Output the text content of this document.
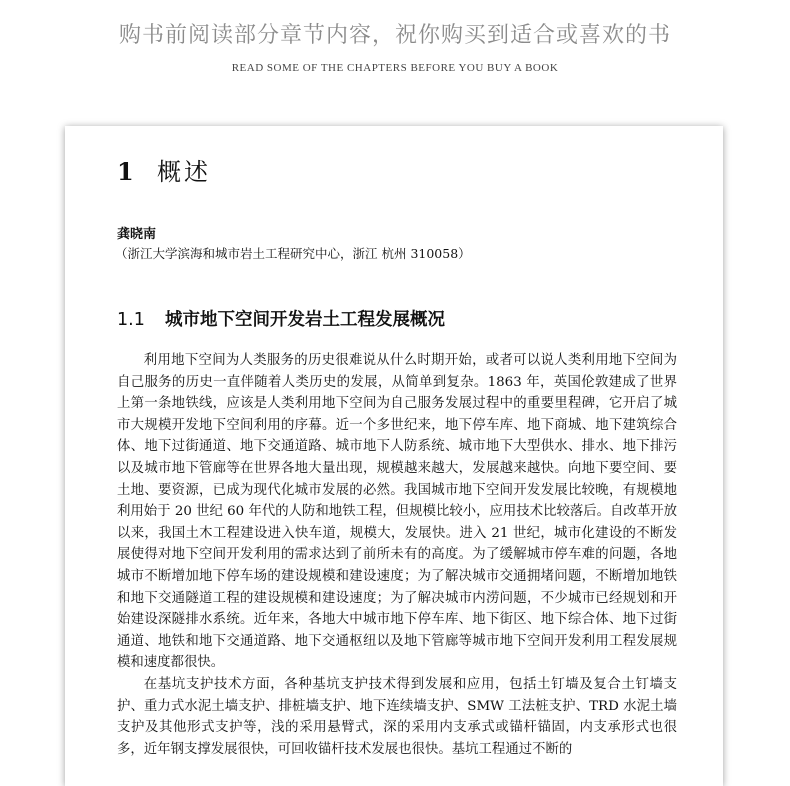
购书前阅读部分章节内容，祝你购买到适合或喜欢的书
READ SOME OF THE CHAPTERS BEFORE YOU BUY A BOOK
1 概述
龚晓南
（浙江大学滨海和城市岩土工程研究中心，浙江 杭州 310058）
1.1 城市地下空间开发岩土工程发展概况

利用地下空间为人类服务的历史很难说从什么时期开始，或者可以说人类利用地下空间为自己服务的历史一直伴随着人类历史的发展，从简单到复杂。1863 年，英国伦敦建成了世界上第一条地铁线，应该是人类利用地下空间为自己服务发展过程中的重要里程碑，它开启了城市大规模开发地下空间利用的序幕。近一个多世纪来，地下停车库、地下商城、地下建筑综合体、地下过街通道、地下交通道路、城市地下人防系统、城市地下大型供水、排水、地下排污以及城市地下管廊等在世界各地大量出现，规模越来越大，发展越来越快。向地下要空间、要土地、要资源，已成为现代化城市发展的必然。我国城市地下空间开发发展比较晚，有规模地利用始于 20 世纪 60 年代的人防和地铁工程，但规模比较小，应用技术比较落后。自改革开放以来，我国土木工程建设进入快车道，规模大，发展快。进入 21 世纪，城市化建设的不断发展使得对地下空间开发利用的需求达到了前所未有的高度。为了缓解城市停车难的问题，各地城市不断增加地下停车场的建设规模和建设速度；为了解决城市交通拥堵问题，不断增加地铁和地下交通隧道工程的建设规模和建设速度；为了解决城市内涝问题，不少城市已经规划和开始建设深隧排水系统。近年来，各地大中城市地下停车库、地下街区、地下综合体、地下过街通道、地铁和地下交通道路、地下交通枢纽以及地下管廊等城市地下空间开发利用工程发展规模和速度都很快。

在基坑支护技术方面，各种基坑支护技术得到发展和应用，包括土钉墙及复合土钉墙支护、重力式水泥土墙支护、排桩墙支护、地下连续墙支护、SMW 工法桩支护、TRD 水泥土墙支护及其他形式支护等，浅的采用悬臂式，深的采用内支承式或锚杆锚固，内支承形式也很多，近年钢支撑发展很快，可回收锚杆技术发展也很快。基坑工程通过不断的
